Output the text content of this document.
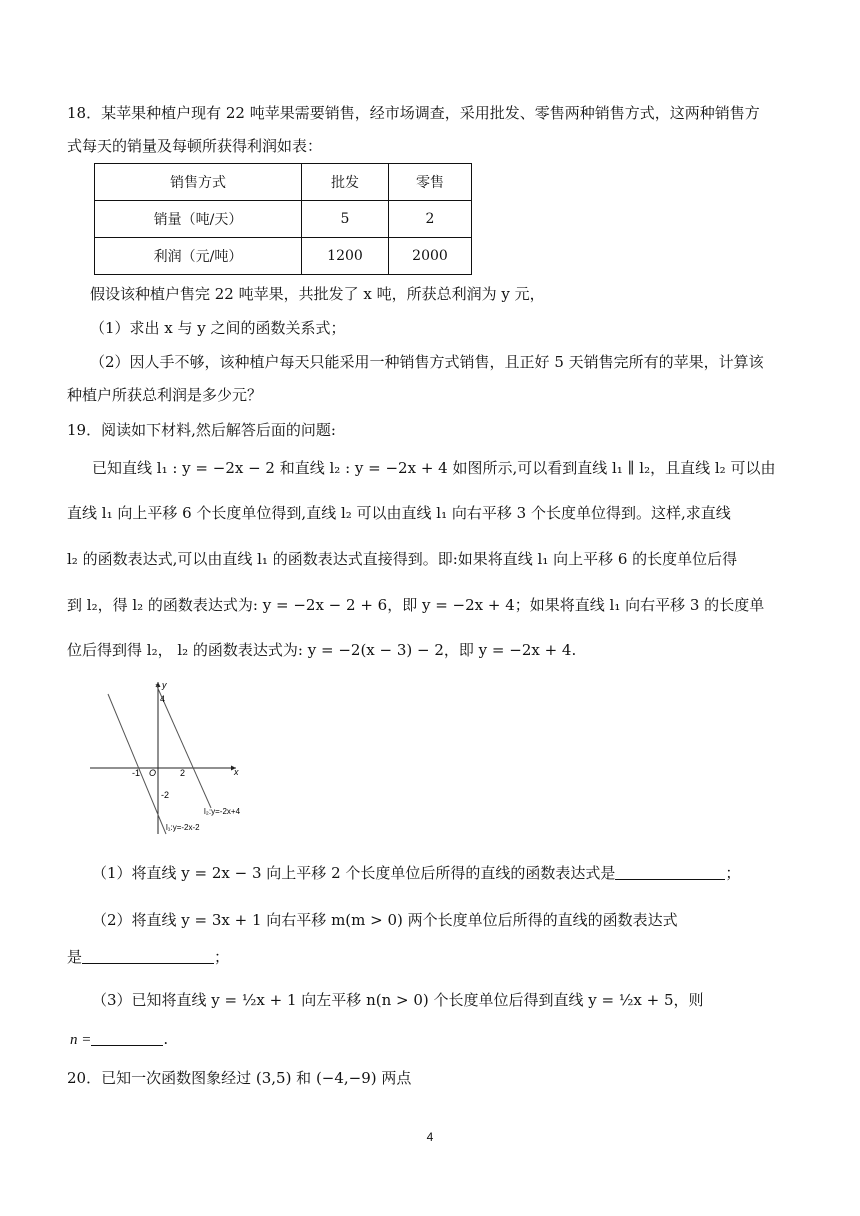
18．某苹果种植户现有 22 吨苹果需要销售，经市场调查，采用批发、零售两种销售方式，这两种销售方
式每天的销量及每顿所获得利润如表：
销售方式	批发	零售
销量（吨/天）	5	2
利润（元/吨）	1200	2000
假设该种植户售完 22 吨苹果，共批发了 x 吨，所获总利润为 y 元，
（1）求出 x 与 y 之间的函数关系式；
（2）因人手不够，该种植户每天只能采用一种销售方式销售，且正好 5 天销售完所有的苹果，计算该
种植户所获总利润是多少元？
19．阅读如下材料,然后解答后面的问题:
已知直线 l₁ : y = −2x − 2 和直线 l₂ : y = −2x + 4 如图所示,可以看到直线 l₁ ∥ l₂，且直线 l₂ 可以由
直线 l₁ 向上平移 6 个长度单位得到,直线 l₂ 可以由直线 l₁ 向右平移 3 个长度单位得到。这样,求直线
l₂ 的函数表达式,可以由直线 l₁ 的函数表达式直接得到。即:如果将直线 l₁ 向上平移 6 的长度单位后得
到 l₂，得 l₂ 的函数表达式为: y = −2x − 2 + 6，即 y = −2x + 4；如果将直线 l₁ 向右平移 3 的长度单
位后得到得 l₂， l₂ 的函数表达式为: y = −2(x − 3) − 2，即 y = −2x + 4.
x
y
4
-1 O	2
-2
l₂:y=-2x+4
l₁:y=-2x-2
（1）将直线 y = 2x − 3 向上平移 2 个长度单位后所得的直线的函数表达式是	；
（2）将直线 y = 3x + 1 向右平移 m(m > 0) 两个长度单位后所得的直线的函数表达式
是	；
（3）已知将直线 y = ½x + 1 向左平移 n(n > 0) 个长度单位后得到直线 y = ½x + 5，则
n =	.
20．已知一次函数图象经过 (3,5) 和 (−4,−9) 两点
4
